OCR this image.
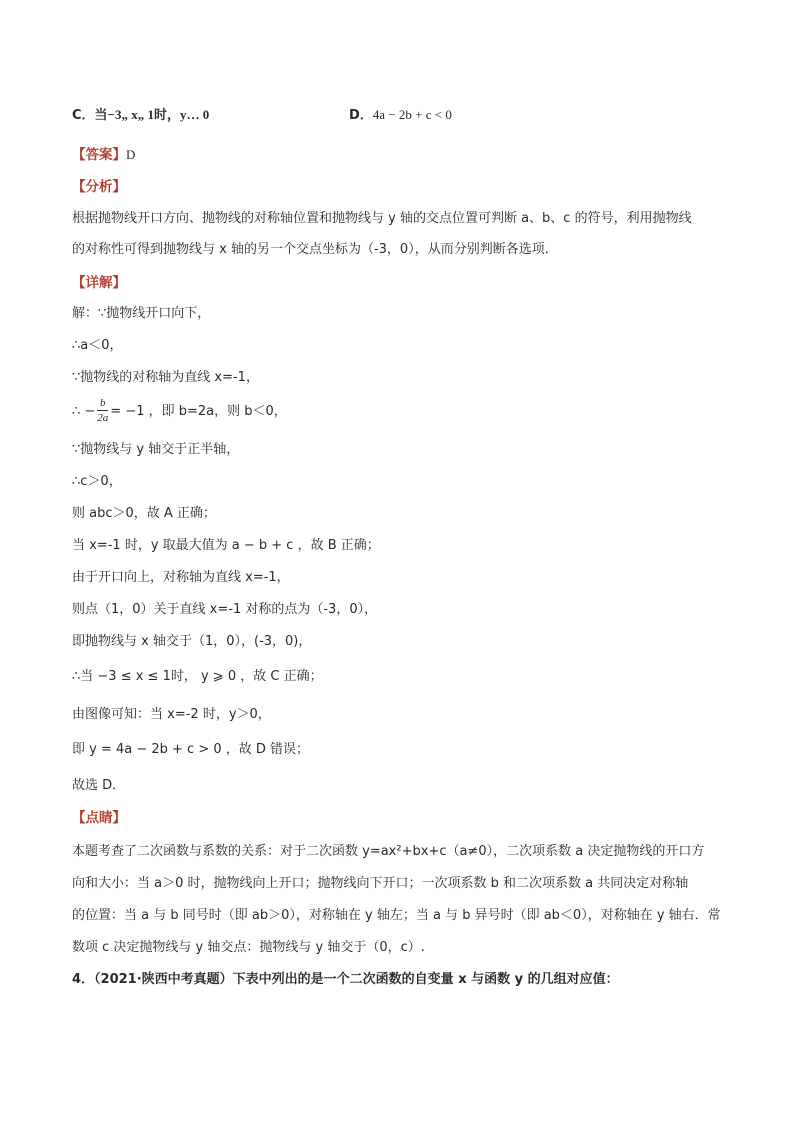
C．当−3„ x„ 1时，y… 0	D．4a − 2b + c < 0
【答案】D
【分析】
根据抛物线开口方向、抛物线的对称轴位置和抛物线与 y 轴的交点位置可判断 a、b、c 的符号，利用抛物线
的对称性可得到抛物线与 x 轴的另一个交点坐标为（-3，0），从而分别判断各选项．
【详解】
解：∵抛物线开口向下，
∴a＜0，
∵抛物线的对称轴为直线 x=-1，
∴ − $\frac{b}{2a} = -1$ ，即 b=2a，则 b＜0，
∵抛物线与 y 轴交于正半轴，
∴c＞0，
则 abc＞0，故 A 正确；
当 x=-1 时，y 取最大值为 a − b + c ，故 B 正确；
由于开口向上，对称轴为直线 x=-1，
则点（1，0）关于直线 x=-1 对称的点为（-3，0），
即抛物线与 x 轴交于（1，0），(-3，0)，
∴当 −3 ≤ x ≤ 1时， y ⩾ 0 ，故 C 正确；
由图像可知：当 x=-2 时，y＞0，
即 y = 4a − 2b + c > 0 ，故 D 错误；
故选 D．
【点睛】
本题考查了二次函数与系数的关系：对于二次函数 y=ax²+bx+c（a≠0），二次项系数 a 决定抛物线的开口方
向和大小：当 a＞0 时，抛物线向上开口；抛物线向下开口；一次项系数 b 和二次项系数 a 共同决定对称轴
的位置：当 a 与 b 同号时（即 ab＞0），对称轴在 y 轴左；当 a 与 b 异号时（即 ab＜0），对称轴在 y 轴右．常
数项 c 决定抛物线与 y 轴交点：抛物线与 y 轴交于（0，c）.
4．（2021·陕西中考真题）下表中列出的是一个二次函数的自变量 x 与函数 y 的几组对应值：
